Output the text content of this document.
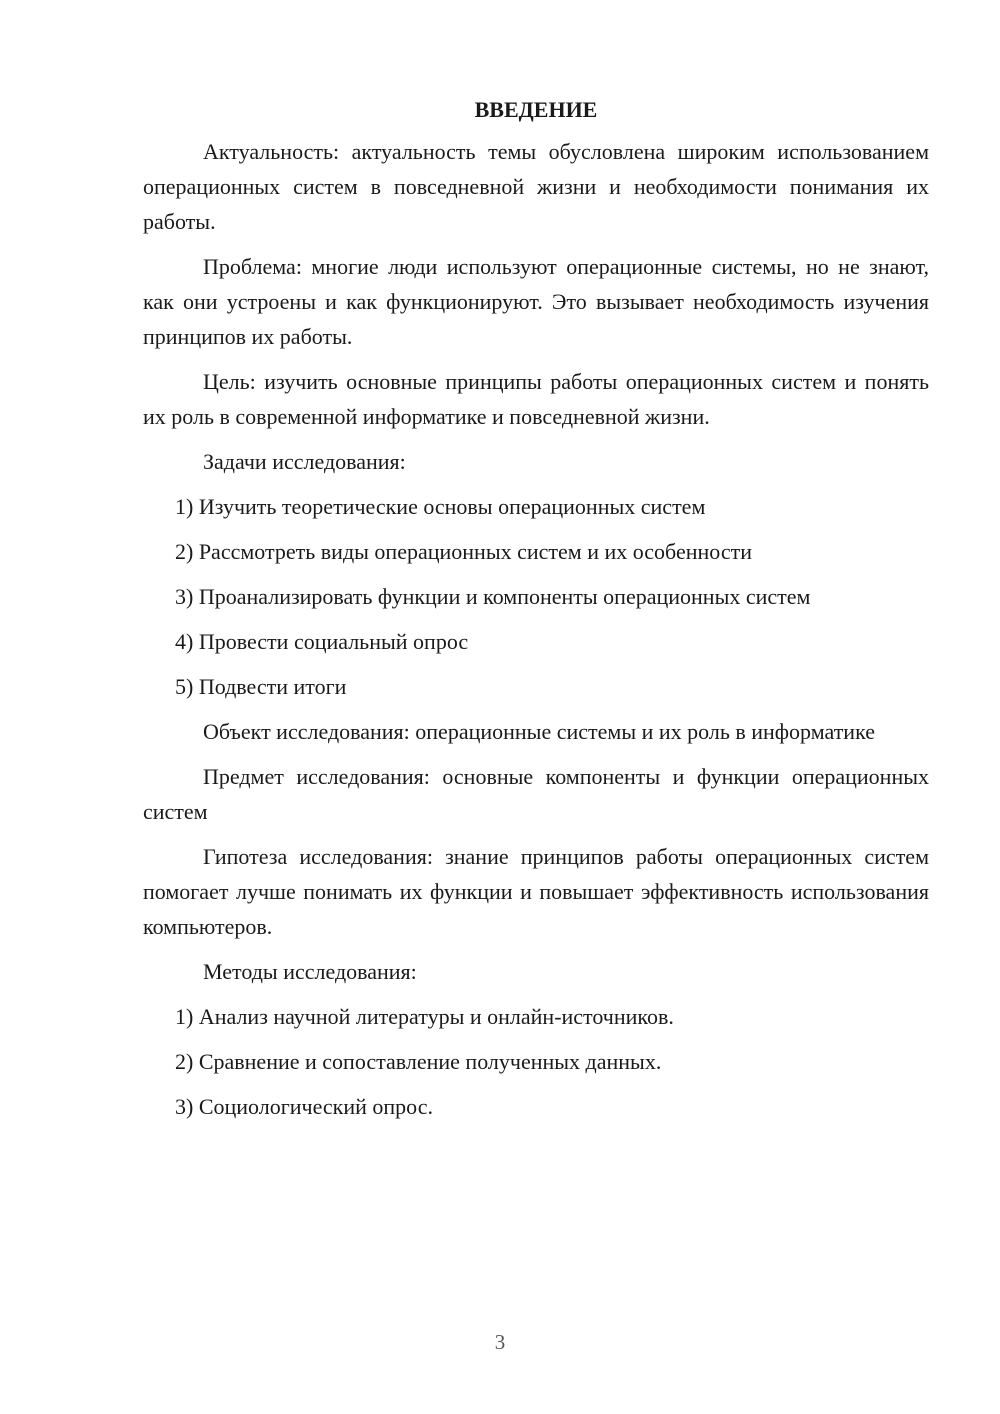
ВВЕДЕНИЕ

Актуальность: актуальность темы обусловлена широким использованием операционных систем в повседневной жизни и необходимости понимания их работы.

Проблема: многие люди используют операционные системы, но не знают, как они устроены и как функционируют. Это вызывает необходимость изучения принципов их работы.

Цель: изучить основные принципы работы операционных систем и понять их роль в современной информатике и повседневной жизни.

Задачи исследования:

1) Изучить теоретические основы операционных систем

2) Рассмотреть виды операционных систем и их особенности

3) Проанализировать функции и компоненты операционных систем

4) Провести социальный опрос

5) Подвести итоги

Объект исследования: операционные системы и их роль в информатике

Предмет исследования: основные компоненты и функции операционных систем

Гипотеза исследования: знание принципов работы операционных систем помогает лучше понимать их функции и повышает эффективность использования компьютеров.

Методы исследования:

1) Анализ научной литературы и онлайн-источников.

2) Сравнение и сопоставление полученных данных.

3) Социологический опрос.

3
